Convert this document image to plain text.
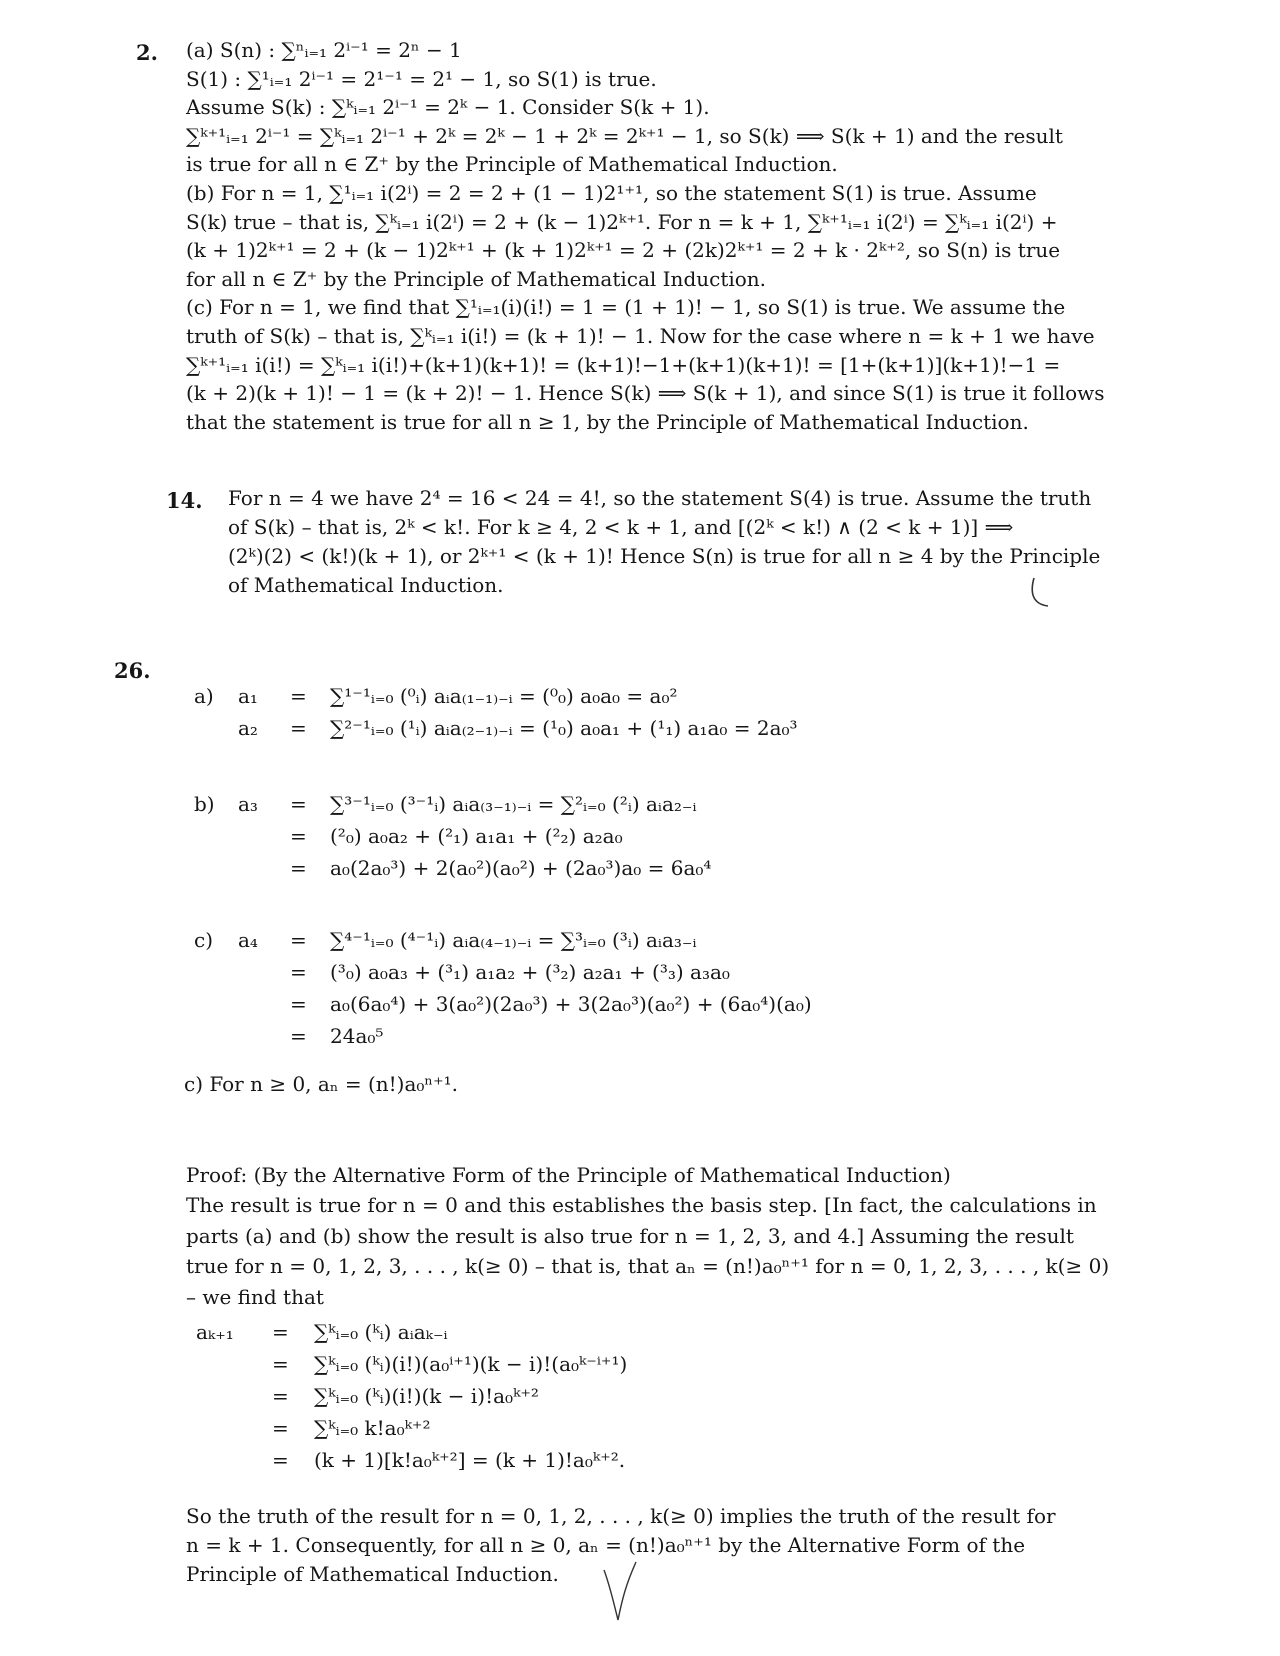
2. (a) S(n) : ∑ⁿᵢ₌₁ 2ⁱ⁻¹ = 2ⁿ − 1
S(1) : ∑¹ᵢ₌₁ 2ⁱ⁻¹ = 2¹⁻¹ = 2¹ − 1, so S(1) is true.
Assume S(k) : ∑ᵏᵢ₌₁ 2ⁱ⁻¹ = 2ᵏ − 1. Consider S(k + 1).
∑ᵏ⁺¹ᵢ₌₁ 2ⁱ⁻¹ = ∑ᵏᵢ₌₁ 2ⁱ⁻¹ + 2ᵏ = 2ᵏ − 1 + 2ᵏ = 2ᵏ⁺¹ − 1, so S(k) ⟹ S(k + 1) and the result
is true for all n ∈ Z⁺ by the Principle of Mathematical Induction.
(b) For n = 1, ∑¹ᵢ₌₁ i(2ⁱ) = 2 = 2 + (1 − 1)2¹⁺¹, so the statement S(1) is true. Assume
S(k) true – that is, ∑ᵏᵢ₌₁ i(2ⁱ) = 2 + (k − 1)2ᵏ⁺¹. For n = k + 1, ∑ᵏ⁺¹ᵢ₌₁ i(2ⁱ) = ∑ᵏᵢ₌₁ i(2ⁱ) +
(k + 1)2ᵏ⁺¹ = 2 + (k − 1)2ᵏ⁺¹ + (k + 1)2ᵏ⁺¹ = 2 + (2k)2ᵏ⁺¹ = 2 + k · 2ᵏ⁺², so S(n) is true
for all n ∈ Z⁺ by the Principle of Mathematical Induction.
(c) For n = 1, we find that ∑¹ᵢ₌₁(i)(i!) = 1 = (1 + 1)! − 1, so S(1) is true. We assume the
truth of S(k) – that is, ∑ᵏᵢ₌₁ i(i!) = (k + 1)! − 1. Now for the case where n = k + 1 we have
∑ᵏ⁺¹ᵢ₌₁ i(i!) = ∑ᵏᵢ₌₁ i(i!)+(k+1)(k+1)! = (k+1)!−1+(k+1)(k+1)! = [1+(k+1)](k+1)!−1 =
(k + 2)(k + 1)! − 1 = (k + 2)! − 1. Hence S(k) ⟹ S(k + 1), and since S(1) is true it follows
that the statement is true for all n ≥ 1, by the Principle of Mathematical Induction.
14. For n = 4 we have 2⁴ = 16 < 24 = 4!, so the statement S(4) is true. Assume the truth
of S(k) – that is, 2ᵏ < k!. For k ≥ 4, 2 < k + 1, and [(2ᵏ < k!) ∧ (2 < k + 1)] ⟹
(2ᵏ)(2) < (k!)(k + 1), or 2ᵏ⁺¹ < (k + 1)! Hence S(n) is true for all n ≥ 4 by the Principle
of Mathematical Induction.
26.
a) a₁ = ∑¹⁻¹ᵢ₌₀ (⁰ᵢ) aᵢa₍₁₋₁₎₋ᵢ = (⁰₀) a₀a₀ = a₀²
a₂ = ∑²⁻¹ᵢ₌₀ (¹ᵢ) aᵢa₍₂₋₁₎₋ᵢ = (¹₀) a₀a₁ + (¹₁) a₁a₀ = 2a₀³
b) a₃ = ∑³⁻¹ᵢ₌₀ (³⁻¹ᵢ) aᵢa₍₃₋₁₎₋ᵢ = ∑²ᵢ₌₀ (²ᵢ) aᵢa₂₋ᵢ
= (²₀) a₀a₂ + (²₁) a₁a₁ + (²₂) a₂a₀
= a₀(2a₀³) + 2(a₀²)(a₀²) + (2a₀³)a₀ = 6a₀⁴
c) a₄ = ∑⁴⁻¹ᵢ₌₀ (⁴⁻¹ᵢ) aᵢa₍₄₋₁₎₋ᵢ = ∑³ᵢ₌₀ (³ᵢ) aᵢa₃₋ᵢ
= (³₀) a₀a₃ + (³₁) a₁a₂ + (³₂) a₂a₁ + (³₃) a₃a₀
= a₀(6a₀⁴) + 3(a₀²)(2a₀³) + 3(2a₀³)(a₀²) + (6a₀⁴)(a₀)
= 24a₀⁵
c) For n ≥ 0, aₙ = (n!)a₀ⁿ⁺¹.
Proof: (By the Alternative Form of the Principle of Mathematical Induction)
The result is true for n = 0 and this establishes the basis step. [In fact, the calculations in
parts (a) and (b) show the result is also true for n = 1, 2, 3, and 4.] Assuming the result
true for n = 0, 1, 2, 3, . . . , k(≥ 0) – that is, that aₙ = (n!)a₀ⁿ⁺¹ for n = 0, 1, 2, 3, . . . , k(≥ 0)
– we find that
aₖ₊₁ = ∑ᵏᵢ₌₀ (ᵏᵢ) aᵢaₖ₋ᵢ
= ∑ᵏᵢ₌₀ (ᵏᵢ)(i!)(a₀ⁱ⁺¹)(k − i)!(a₀ᵏ⁻ⁱ⁺¹)
= ∑ᵏᵢ₌₀ (ᵏᵢ)(i!)(k − i)!a₀ᵏ⁺²
= ∑ᵏᵢ₌₀ k!a₀ᵏ⁺²
= (k + 1)[k!a₀ᵏ⁺²] = (k + 1)!a₀ᵏ⁺².
So the truth of the result for n = 0, 1, 2, . . . , k(≥ 0) implies the truth of the result for
n = k + 1. Consequently, for all n ≥ 0, aₙ = (n!)a₀ⁿ⁺¹ by the Alternative Form of the
Principle of Mathematical Induction.
